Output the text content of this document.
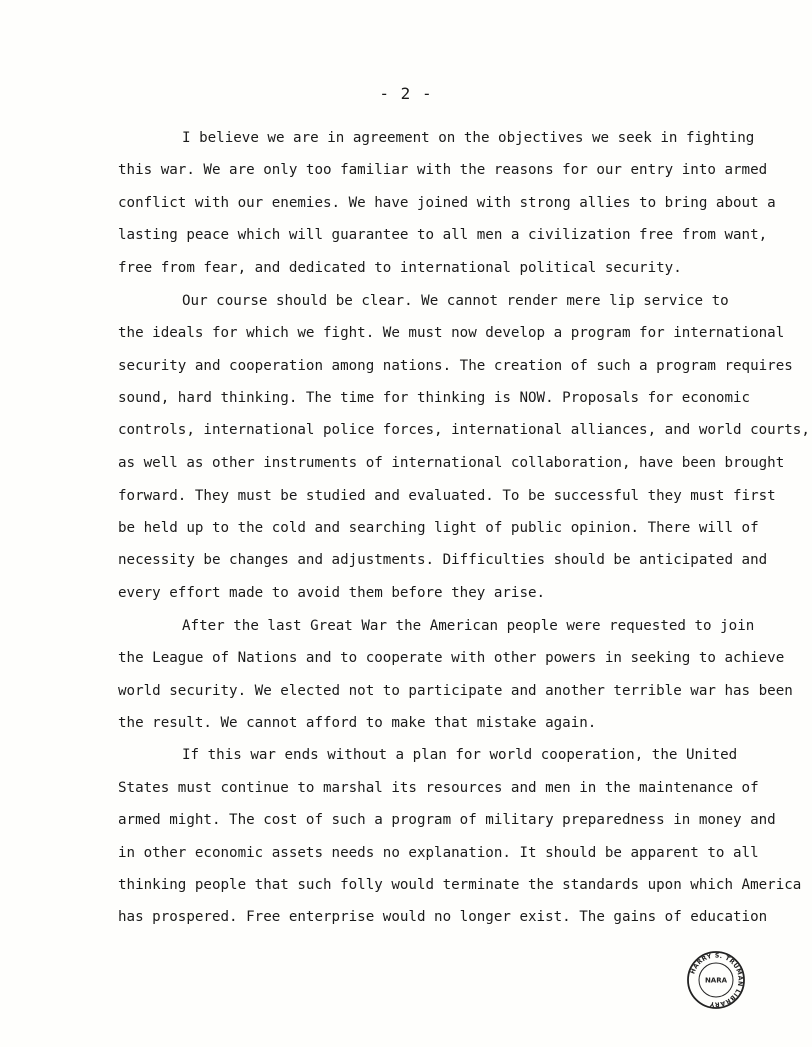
- 2 -
I believe we are in agreement on the objectives we seek in fighting
this war. We are only too familiar with the reasons for our entry into armed
conflict with our enemies. We have joined with strong allies to bring about a
lasting peace which will guarantee to all men a civilization free from want,
free from fear, and dedicated to international political security.
Our course should be clear. We cannot render mere lip service to
the ideals for which we fight. We must now develop a program for international
security and cooperation among nations. The creation of such a program requires
sound, hard thinking. The time for thinking is NOW. Proposals for economic
controls, international police forces, international alliances, and world courts,
as well as other instruments of international collaboration, have been brought
forward. They must be studied and evaluated. To be successful they must first
be held up to the cold and searching light of public opinion. There will of
necessity be changes and adjustments. Difficulties should be anticipated and
every effort made to avoid them before they arise.
After the last Great War the American people were requested to join
the League of Nations and to cooperate with other powers in seeking to achieve
world security. We elected not to participate and another terrible war has been
the result. We cannot afford to make that mistake again.
If this war ends without a plan for world cooperation, the United
States must continue to marshal its resources and men in the maintenance of
armed might. The cost of such a program of military preparedness in money and
in other economic assets needs no explanation. It should be apparent to all
thinking people that such folly would terminate the standards upon which America
has prospered. Free enterprise would no longer exist. The gains of education
HARRY S. TRUMAN LIBRARY
NARA
